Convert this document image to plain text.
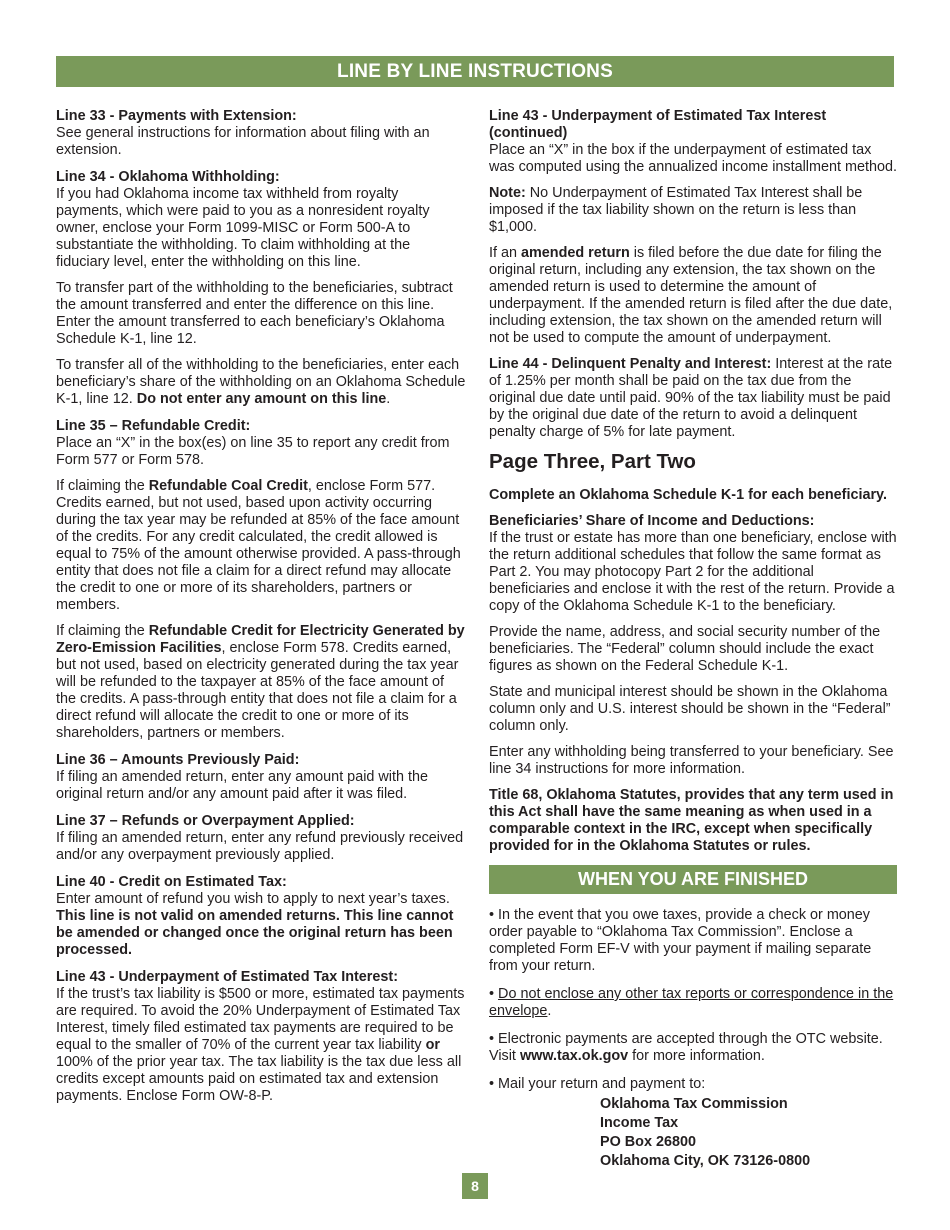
LINE BY LINE INSTRUCTIONS
Line 33 - Payments with Extension:

See general instructions for information about filing with an extension.

Line 34 - Oklahoma Withholding:

If you had Oklahoma income tax withheld from royalty payments, which were paid to you as a nonresident royalty owner, enclose your Form 1099-MISC or Form 500-A to substantiate the withholding. To claim withholding at the fiduciary level, enter the withholding on this line.

To transfer part of the withholding to the beneficiaries, subtract the amount transferred and enter the difference on this line. Enter the amount transferred to each beneficiary’s Oklahoma Schedule K-1, line 12.

To transfer all of the withholding to the beneficiaries, enter each beneficiary’s share of the withholding on an Oklahoma Schedule K-1, line 12. Do not enter any amount on this line.

Line 35 – Refundable Credit:

Place an “X” in the box(es) on line 35 to report any credit from Form 577 or Form 578.

If claiming the Refundable Coal Credit, enclose Form 577. Credits earned, but not used, based upon activity occurring during the tax year may be refunded at 85% of the face amount of the credits. For any credit calculated, the credit allowed is equal to 75% of the amount otherwise provided. A pass-through entity that does not file a claim for a direct refund may allocate the credit to one or more of its shareholders, partners or members.

If claiming the Refundable Credit for Electricity Generated by Zero-Emission Facilities, enclose Form 578. Credits earned, but not used, based on electricity generated during the tax year will be refunded to the taxpayer at 85% of the face amount of the credits. A pass-through entity that does not file a claim for a direct refund will allocate the credit to one or more of its shareholders, partners or members.

Line 36 – Amounts Previously Paid:

If filing an amended return, enter any amount paid with the original return and/or any amount paid after it was filed.

Line 37 – Refunds or Overpayment Applied:

If filing an amended return, enter any refund previously received and/or any overpayment previously applied.

Line 40 - Credit on Estimated Tax:

Enter amount of refund you wish to apply to next year’s taxes. This line is not valid on amended returns. This line cannot be amended or changed once the original return has been processed.

Line 43 - Underpayment of Estimated Tax Interest:

If the trust’s tax liability is $500 or more, estimated tax payments are required. To avoid the 20% Underpayment of Estimated Tax Interest, timely filed estimated tax payments are required to be equal to the smaller of 70% of the current year tax liability or 100% of the prior year tax. The tax liability is the tax due less all credits except amounts paid on estimated tax and extension payments. Enclose Form OW-8-P.

Line 43 - Underpayment of Estimated Tax Interest (continued)

Place an “X” in the box if the underpayment of estimated tax was computed using the annualized income installment method.

Note: No Underpayment of Estimated Tax Interest shall be imposed if the tax liability shown on the return is less than $1,000.

If an amended return is filed before the due date for filing the original return, including any extension, the tax shown on the amended return is used to determine the amount of underpayment. If the amended return is filed after the due date, including extension, the tax shown on the amended return will not be used to compute the amount of underpayment.

Line 44 - Delinquent Penalty and Interest: Interest at the rate of 1.25% per month shall be paid on the tax due from the original due date until paid. 90% of the tax liability must be paid by the original due date of the return to avoid a delinquent penalty charge of 5% for late payment.

Page Three, Part Two

Complete an Oklahoma Schedule K-1 for each beneficiary.

Beneficiaries’ Share of Income and Deductions:

If the trust or estate has more than one beneficiary, enclose with the return additional schedules that follow the same format as Part 2. You may photocopy Part 2 for the additional beneficiaries and enclose it with the rest of the return. Provide a copy of the Oklahoma Schedule K-1 to the beneficiary.

Provide the name, address, and social security number of the beneficiaries. The “Federal” column should include the exact figures as shown on the Federal Schedule K-1.

State and municipal interest should be shown in the Oklahoma column only and U.S. interest should be shown in the “Federal” column only.

Enter any withholding being transferred to your beneficiary. See line 34 instructions for more information.

Title 68, Oklahoma Statutes, provides that any term used in this Act shall have the same meaning as when used in a comparable context in the IRC, except when specifically provided for in the Oklahoma Statutes or rules.

WHEN YOU ARE FINISHED

• In the event that you owe taxes, provide a check or money order payable to “Oklahoma Tax Commission”. Enclose a completed Form EF-V with your payment if mailing separate from your return.

• Do not enclose any other tax reports or correspondence in the envelope.

• Electronic payments are accepted through the OTC website. Visit www.tax.ok.gov for more information.

• Mail your return and payment to:

Oklahoma Tax Commission
Income Tax
PO Box 26800
Oklahoma City, OK 73126-0800
8
